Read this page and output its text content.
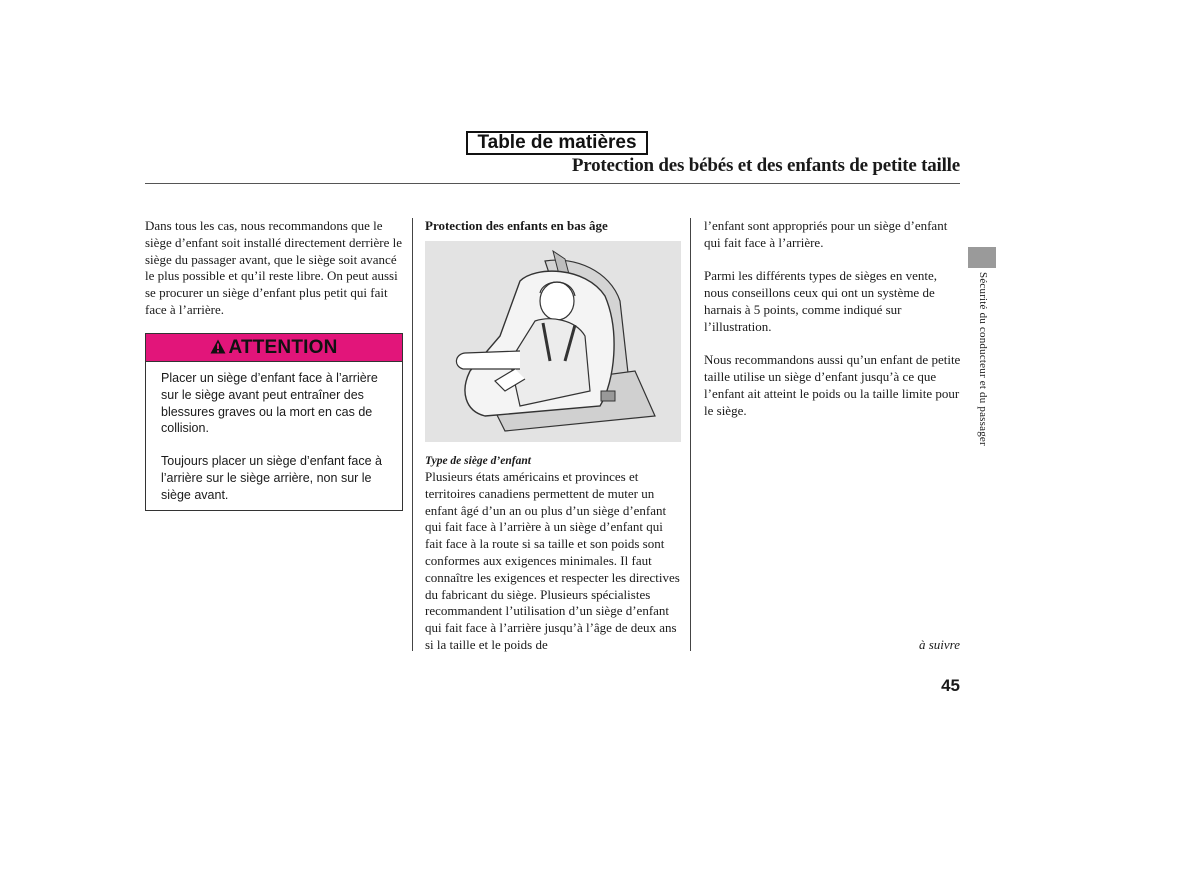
Table de matières
Protection des bébés et des enfants de petite taille

Dans tous les cas, nous recommandons que le siège d’enfant soit installé directement derrière le siège du passager avant, que le siège soit avancé le plus possible et qu’il reste libre. On peut aussi se procurer un siège d’enfant plus petit qui fait face à l’arrière.

ATTENTION

Placer un siège d’enfant face à l’arrière sur le siège avant peut entraîner des blessures graves ou la mort en cas de collision.

Toujours placer un siège d’enfant face à l’arrière sur le siège arrière, non sur le siège avant.

Protection des enfants en bas âge
Type de siège d’enfant

Plusieurs états américains et provinces et territoires canadiens permettent de muter un enfant âgé d’un an ou plus d’un siège d’enfant qui fait face à l’arrière à un siège d’enfant qui fait face à la route si sa taille et son poids sont conformes aux exigences minimales. Il faut connaître les exigences et respecter les directives du fabricant du siège. Plusieurs spécialistes recommandent l’utilisation d’un siège d’enfant qui fait face à l’arrière jusqu’à l’âge de deux ans si la taille et le poids de

l’enfant sont appropriés pour un siège d’enfant qui fait face à l’arrière.

Parmi les différents types de sièges en vente, nous conseillons ceux qui ont un système de harnais à 5 points, comme indiqué sur l’illustration.

Nous recommandons aussi qu’un enfant de petite taille utilise un siège d’enfant jusqu’à ce que l’enfant ait atteint le poids ou la taille limite pour le siège.	Sécurité du conducteur et du passager
à suivre
45
